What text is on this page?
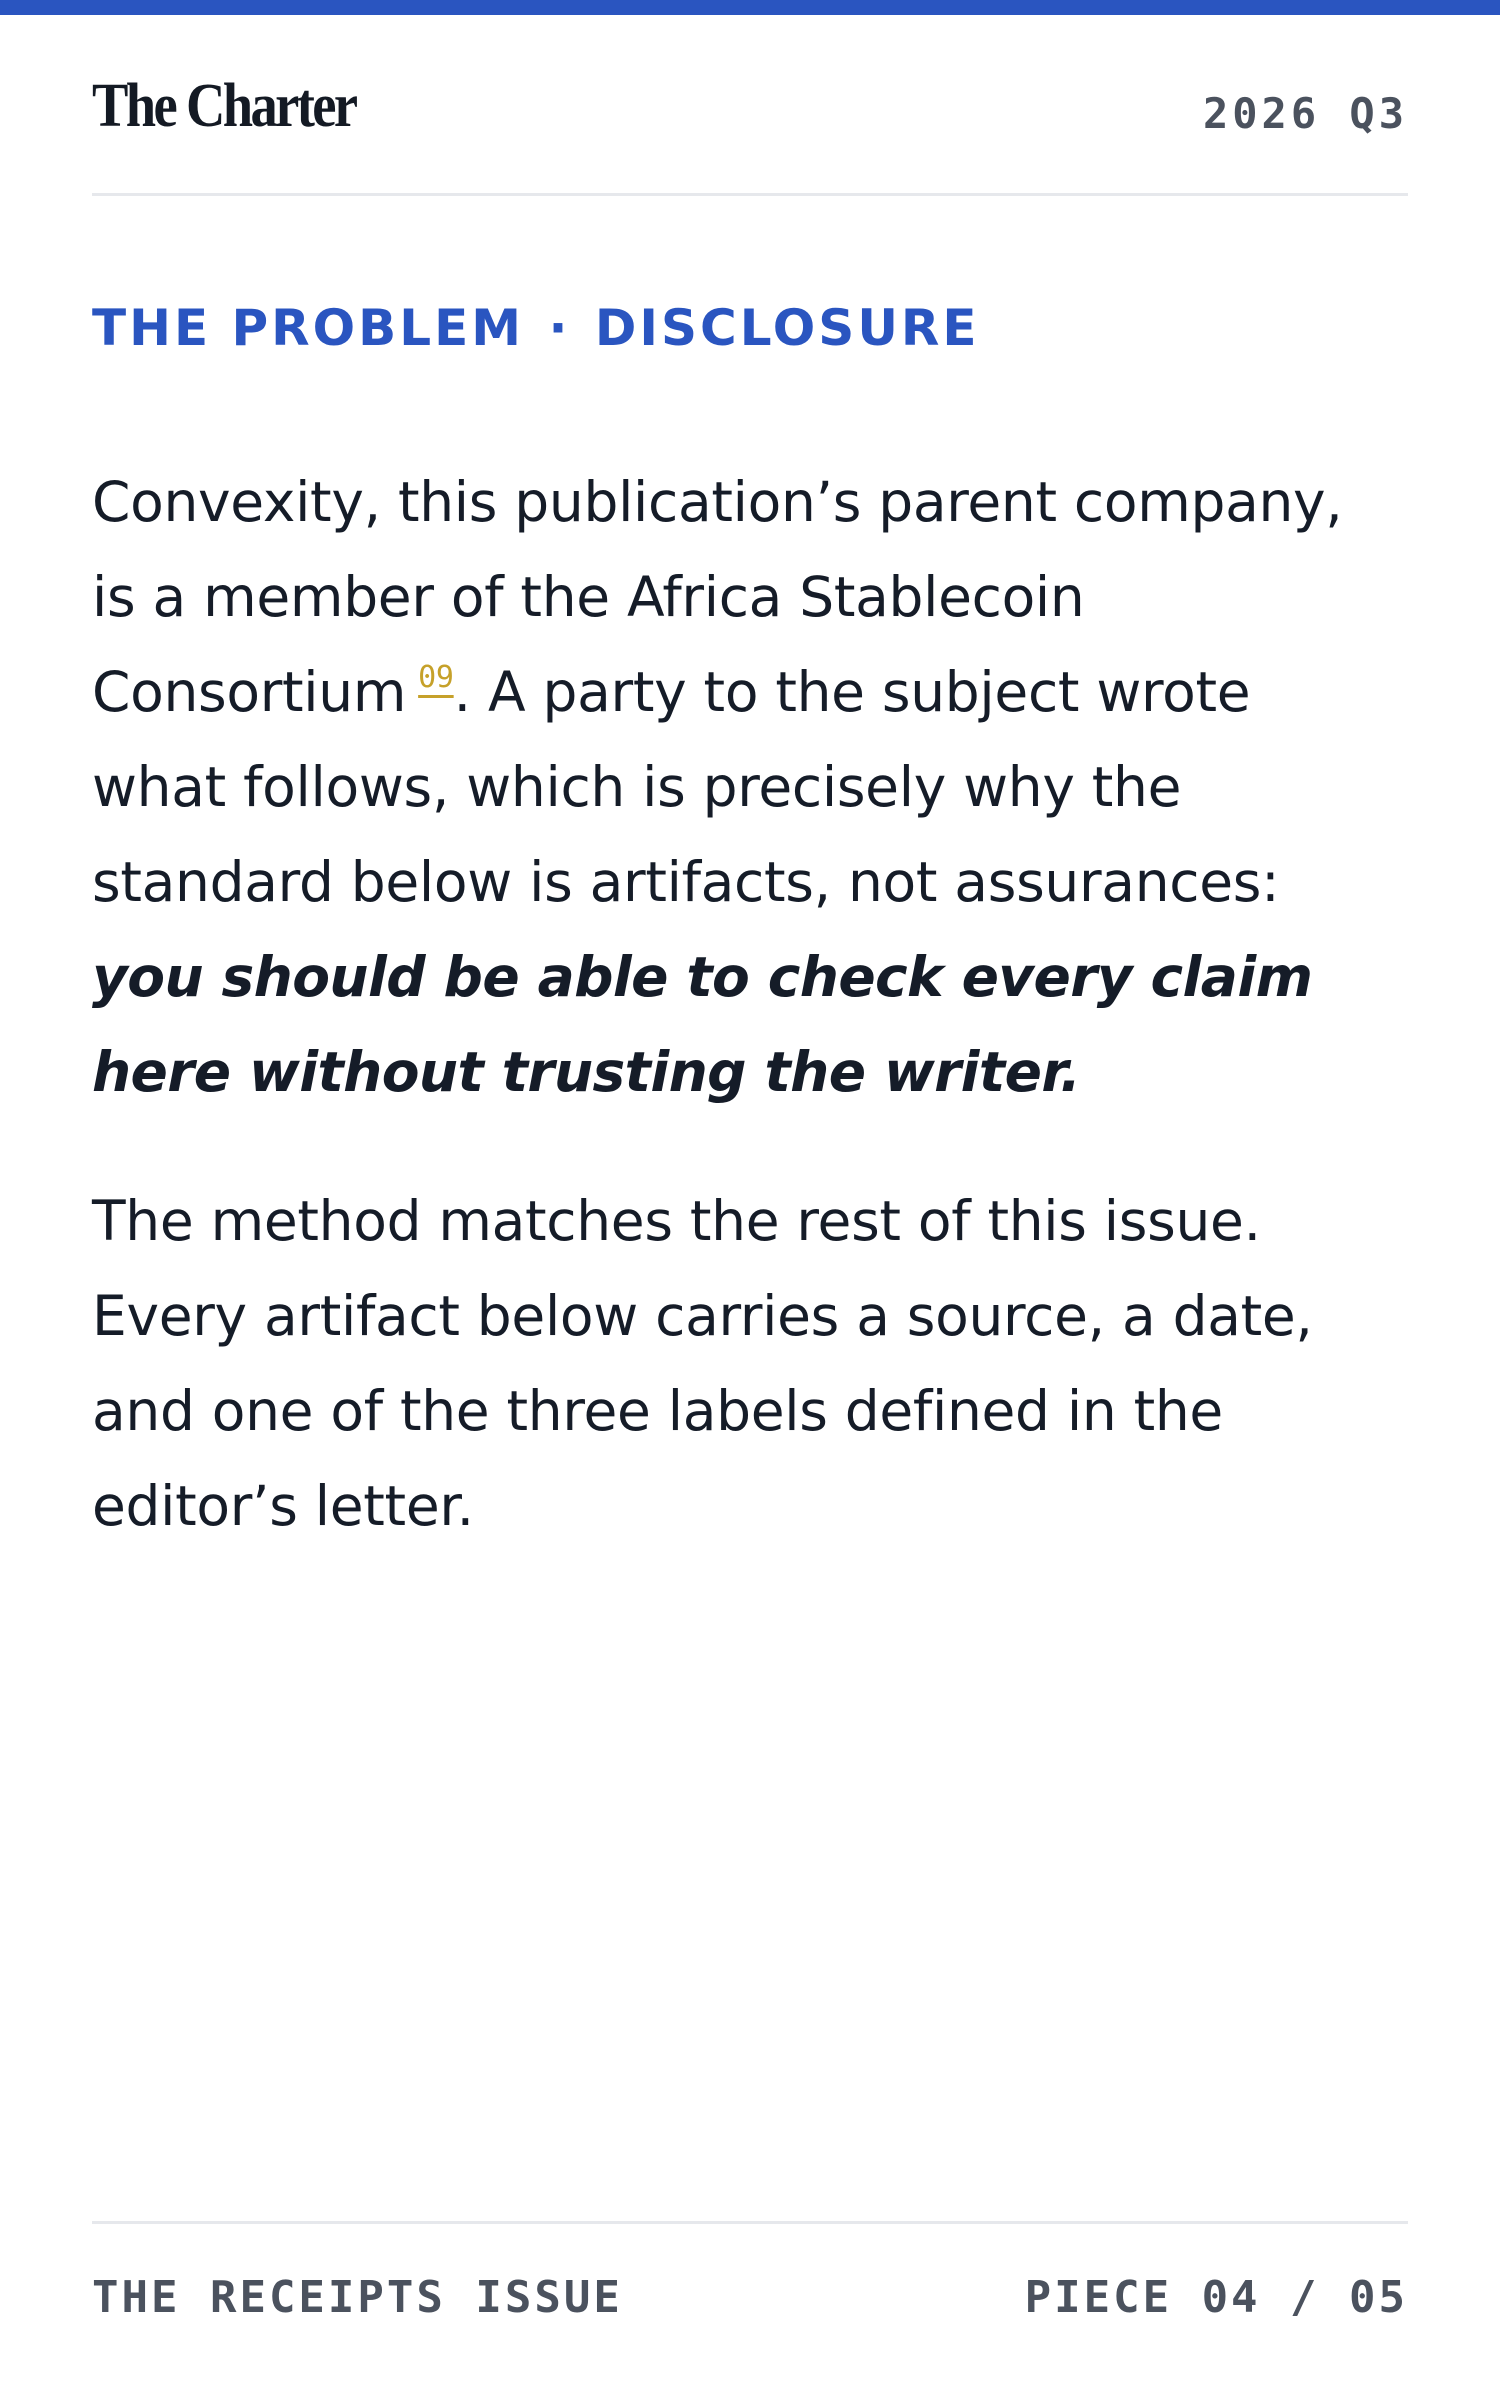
The Charter	2026 Q3
THE PROBLEM · DISCLOSURE

Convexity, this publication’s parent company,
is a member of the Africa Stablecoin
Consortium 09. A party to the subject wrote
what follows, which is precisely why the
standard below is artifacts, not assurances:
you should be able to check every claim
here without trusting the writer.

The method matches the rest of this issue.
Every artifact below carries a source, a date,
and one of the three labels defined in the
editor’s letter.

THE RECEIPTS ISSUE	PIECE 04 / 05
